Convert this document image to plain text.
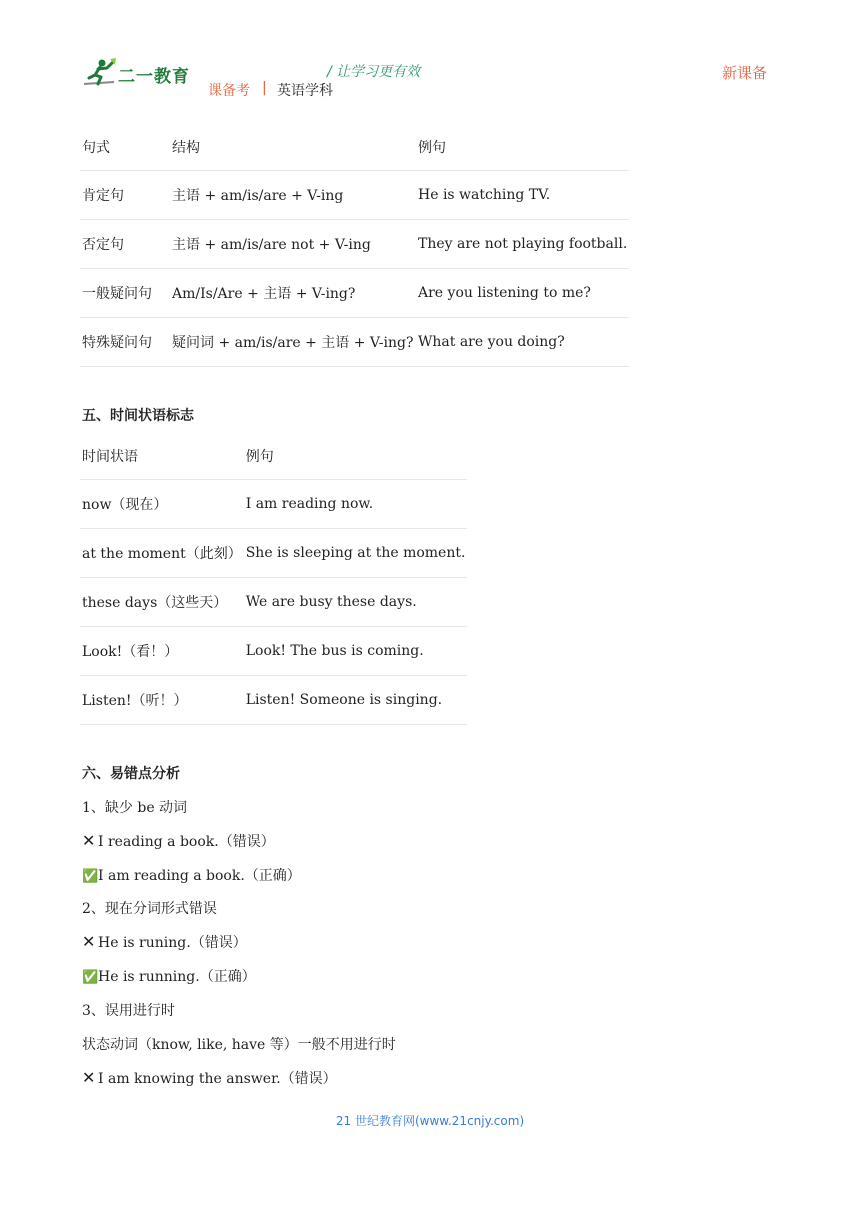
二一教育	/ 让学习更有效
课备考 | 英语学科
新课备
句式	结构	例句
肯定句	主语 + am/is/are + V-ing	He is watching TV.
否定句	主语 + am/is/are not + V-ing	They are not playing football.
一般疑问句	Am/Is/Are + 主语 + V-ing?	Are you listening to me?
特殊疑问句	疑问词 + am/is/are + 主语 + V-ing?	What are you doing?
五、时间状语标志
时间状语	例句
now（现在）	I am reading now.
at the moment（此刻）	She is sleeping at the moment.
these days（这些天）	We are busy these days.
Look!（看！）	Look! The bus is coming.
Listen!（听！）	Listen! Someone is singing.
六、易错点分析
1、缺少 be 动词
✕ I reading a book.（错误）
✅I am reading a book.（正确）
2、现在分词形式错误
✕ He is runing.（错误）
✅He is running.（正确）
3、误用进行时
状态动词（know, like, have 等）一般不用进行时
✕ I am knowing the answer.（错误）
21 世纪教育网(www.21cnjy.com)
